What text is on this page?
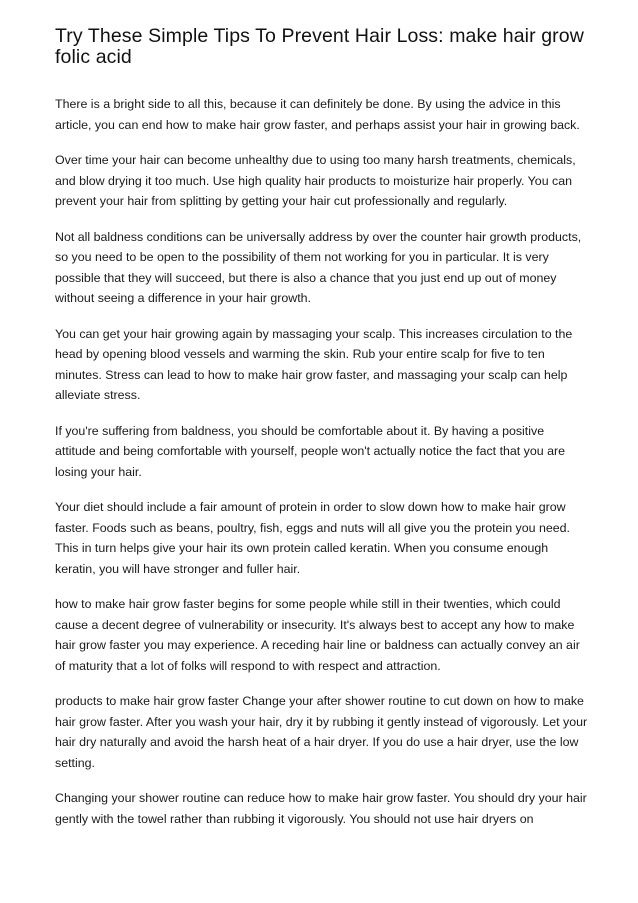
Try These Simple Tips To Prevent Hair Loss: make hair grow folic acid

There is a bright side to all this, because it can definitely be done. By using the advice in this article, you can end how to make hair grow faster, and perhaps assist your hair in growing back.

Over time your hair can become unhealthy due to using too many harsh treatments, chemicals, and blow drying it too much. Use high quality hair products to moisturize hair properly. You can prevent your hair from splitting by getting your hair cut professionally and regularly.

Not all baldness conditions can be universally address by over the counter hair growth products, so you need to be open to the possibility of them not working for you in particular. It is very possible that they will succeed, but there is also a chance that you just end up out of money without seeing a difference in your hair growth.

You can get your hair growing again by massaging your scalp. This increases circulation to the head by opening blood vessels and warming the skin. Rub your entire scalp for five to ten minutes. Stress can lead to how to make hair grow faster, and massaging your scalp can help alleviate stress.

If you're suffering from baldness, you should be comfortable about it. By having a positive attitude and being comfortable with yourself, people won't actually notice the fact that you are losing your hair.

Your diet should include a fair amount of protein in order to slow down how to make hair grow faster. Foods such as beans, poultry, fish, eggs and nuts will all give you the protein you need. This in turn helps give your hair its own protein called keratin. When you consume enough keratin, you will have stronger and fuller hair.

how to make hair grow faster begins for some people while still in their twenties, which could cause a decent degree of vulnerability or insecurity. It's always best to accept any how to make hair grow faster you may experience. A receding hair line or baldness can actually convey an air of maturity that a lot of folks will respond to with respect and attraction.

products to make hair grow faster Change your after shower routine to cut down on how to make hair grow faster. After you wash your hair, dry it by rubbing it gently instead of vigorously. Let your hair dry naturally and avoid the harsh heat of a hair dryer. If you do use a hair dryer, use the low setting.

Changing your shower routine can reduce how to make hair grow faster. You should dry your hair gently with the towel rather than rubbing it vigorously. You should not use hair dryers on
